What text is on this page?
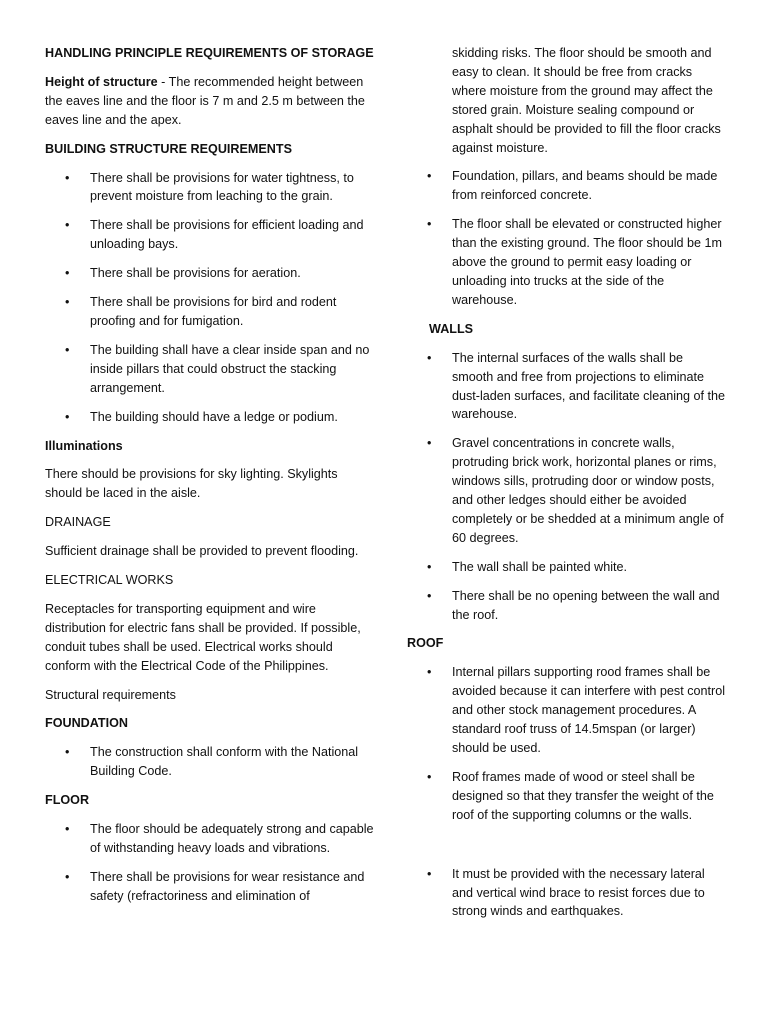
HANDLING PRINCIPLE REQUIREMENTS OF STORAGE
Height of structure - The recommended height between the eaves line and the floor is 7 m and 2.5 m between the eaves line and the apex.
BUILDING STRUCTURE REQUIREMENTS
• There shall be provisions for water tightness, to prevent moisture from leaching to the grain.
• There shall be provisions for efficient loading and unloading bays.
• There shall be provisions for aeration.
• There shall be provisions for bird and rodent proofing and for fumigation.
• The building shall have a clear inside span and no inside pillars that could obstruct the stacking arrangement.
• The building should have a ledge or podium.
Illuminations
There should be provisions for sky lighting. Skylights should be laced in the aisle.
DRAINAGE
Sufficient drainage shall be provided to prevent flooding.
ELECTRICAL WORKS
Receptacles for transporting equipment and wire distribution for electric fans shall be provided. If possible, conduit tubes shall be used. Electrical works should conform with the Electrical Code of the Philippines.
Structural requirements
FOUNDATION
• The construction shall conform with the National Building Code.
FLOOR
• The floor should be adequately strong and capable of withstanding heavy loads and vibrations.
• There shall be provisions for wear resistance and safety (refractoriness and elimination of
skidding risks. The floor should be smooth and easy to clean. It should be free from cracks where moisture from the ground may affect the stored grain. Moisture sealing compound or asphalt should be provided to fill the floor cracks against moisture.
• Foundation, pillars, and beams should be made from reinforced concrete.
• The floor shall be elevated or constructed higher than the existing ground. The floor should be 1m above the ground to permit easy loading or unloading into trucks at the side of the warehouse.
WALLS
• The internal surfaces of the walls shall be smooth and free from projections to eliminate dust-laden surfaces, and facilitate cleaning of the warehouse.
• Gravel concentrations in concrete walls, protruding brick work, horizontal planes or rims, windows sills, protruding door or window posts, and other ledges should either be avoided completely or be shedded at a minimum angle of 60 degrees.
• The wall shall be painted white.
• There shall be no opening between the wall and the roof.
ROOF
• Internal pillars supporting rood frames shall be avoided because it can interfere with pest control and other stock management procedures. A standard roof truss of 14.5mspan (or larger) should be used.
• Roof frames made of wood or steel shall be designed so that they transfer the weight of the roof of the supporting columns or the walls.
• It must be provided with the necessary lateral and vertical wind brace to resist forces due to strong winds and earthquakes.
